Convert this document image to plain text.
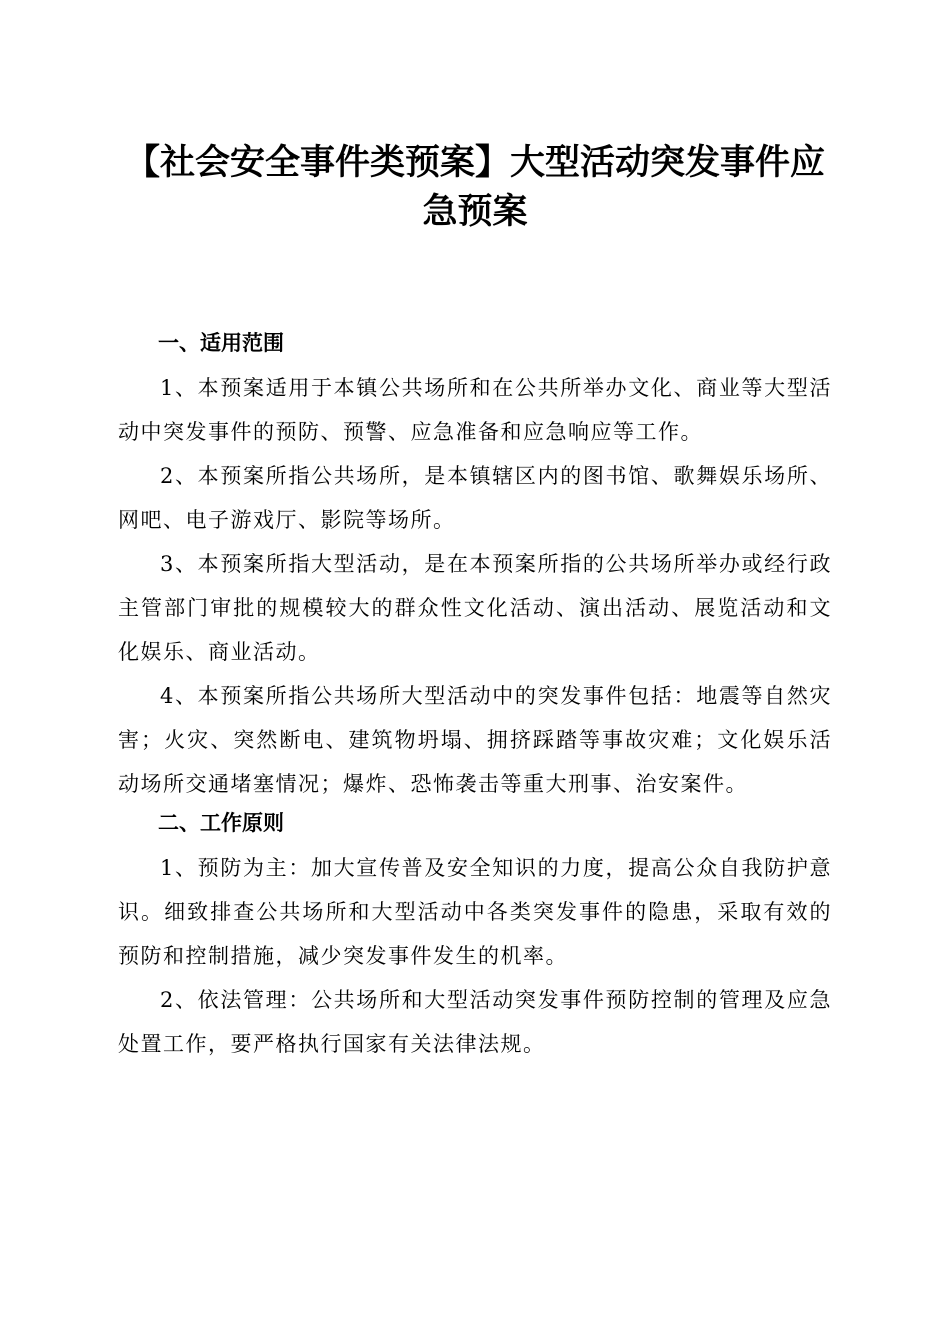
【社会安全事件类预案】大型活动突发事件应急预案
一、适用范围

1、本预案适用于本镇公共场所和在公共所举办文化、商业等大型活动中突发事件的预防、预警、应急准备和应急响应等工作。

2、本预案所指公共场所，是本镇辖区内的图书馆、歌舞娱乐场所、网吧、电子游戏厅、影院等场所。

3、本预案所指大型活动，是在本预案所指的公共场所举办或经行政主管部门审批的规模较大的群众性文化活动、演出活动、展览活动和文化娱乐、商业活动。

4、本预案所指公共场所大型活动中的突发事件包括：地震等自然灾害；火灾、突然断电、建筑物坍塌、拥挤踩踏等事故灾难；文化娱乐活动场所交通堵塞情况；爆炸、恐怖袭击等重大刑事、治安案件。

二、工作原则

1、预防为主：加大宣传普及安全知识的力度，提高公众自我防护意识。细致排查公共场所和大型活动中各类突发事件的隐患，采取有效的预防和控制措施，减少突发事件发生的机率。

2、依法管理：公共场所和大型活动突发事件预防控制的管理及应急处置工作，要严格执行国家有关法律法规。
